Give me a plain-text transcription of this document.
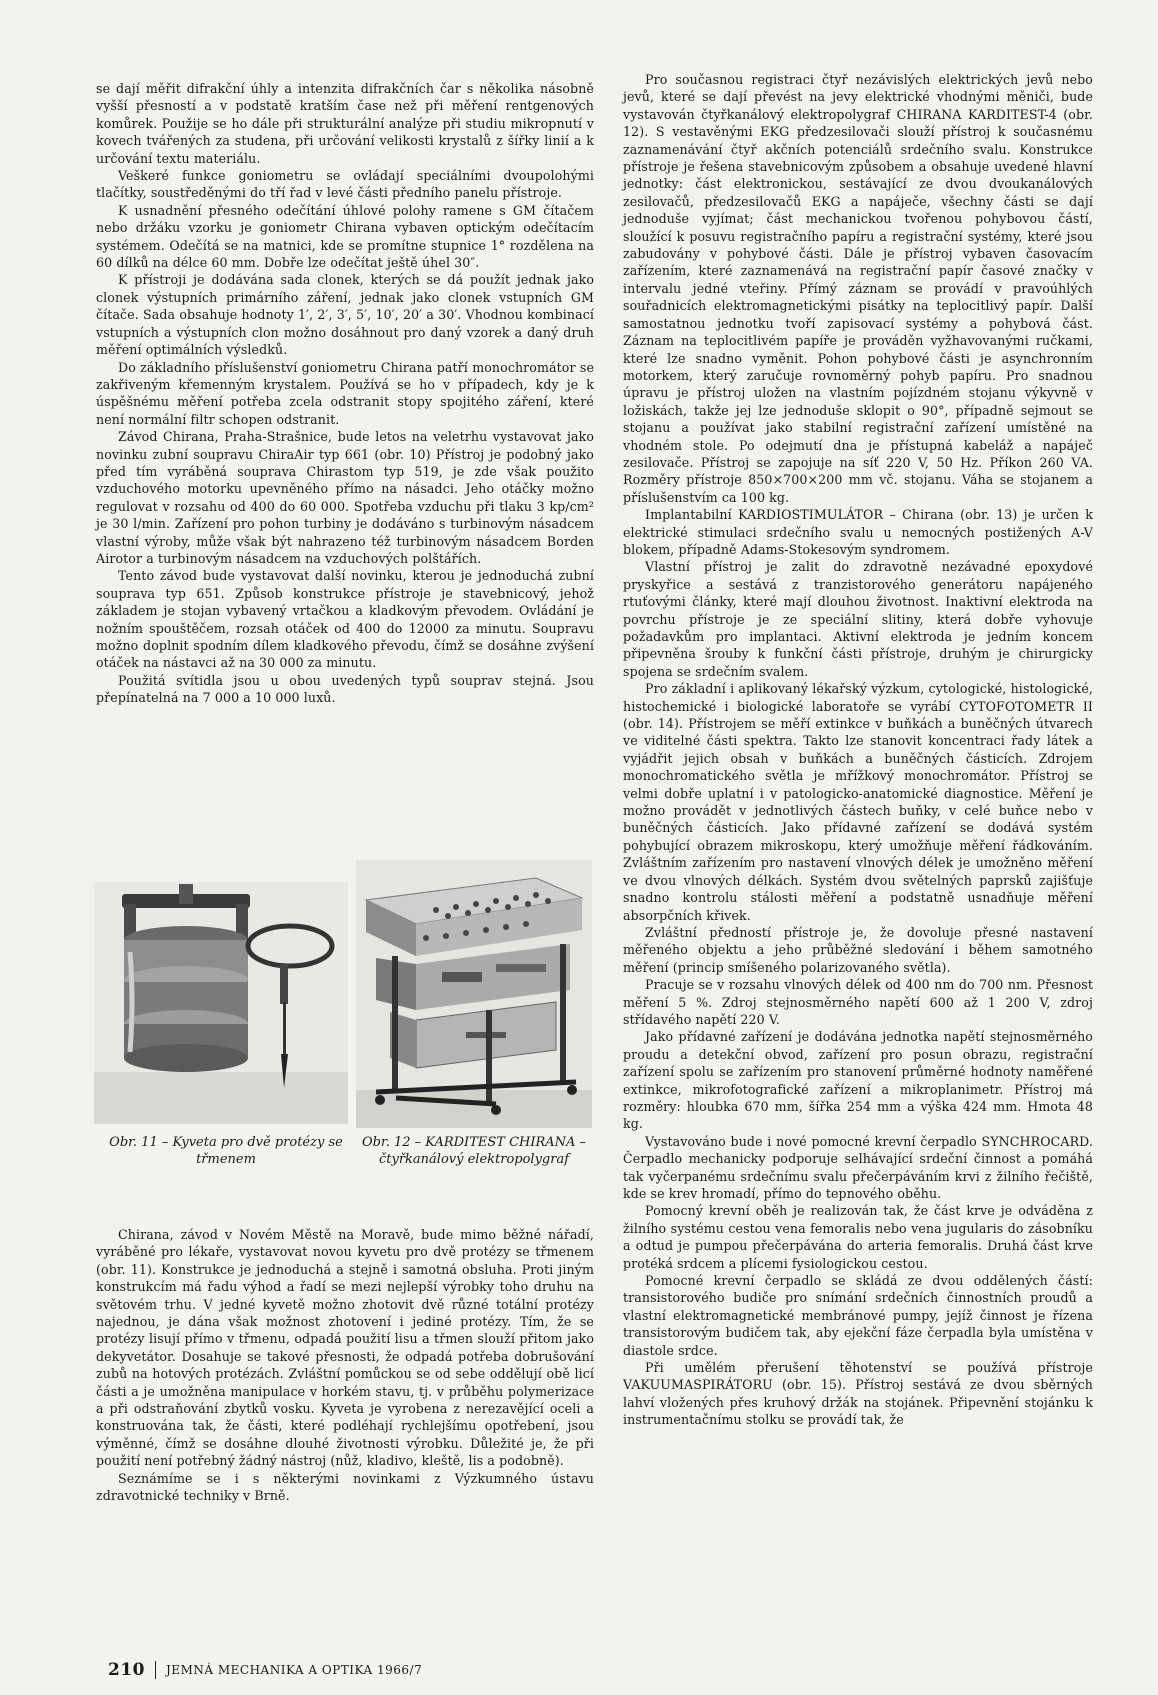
se dají měřit difrakční úhly a intenzita difrakčních čar s několika násobně vyšší přesností a v podstatě kratším čase než při měření rentgenových komůrek. Použije se ho dále při strukturální analýze při studiu mikropnutí v kovech tvářených za studena, při určování velikosti krystalů z šířky linií a k určování textu materiálu.

Veškeré funkce goniometru se ovládají speciálními dvoupolohými tlačítky, soustředěnými do tří řad v levé části předního panelu přístroje.

K usnadnění přesného odečítání úhlové polohy ramene s GM čítačem nebo držáku vzorku je goniometr Chirana vybaven optickým odečítacím systémem. Odečítá se na matnici, kde se promítne stupnice 1° rozdělena na 60 dílků na délce 60 mm. Dobře lze odečítat ještě úhel 30″.

K přístroji je dodávána sada clonek, kterých se dá použít jednak jako clonek výstupních primárního záření, jednak jako clonek vstupních GM čítače. Sada obsahuje hodnoty 1′, 2′, 3′, 5′, 10′, 20′ a 30′. Vhodnou kombinací vstupních a výstupních clon možno dosáhnout pro daný vzorek a daný druh měření optimálních výsledků.

Do základního příslušenství goniometru Chirana patří monochromátor se zakřiveným křemenným krystalem. Používá se ho v případech, kdy je k úspěšnému měření potřeba zcela odstranit stopy spojitého záření, které není normální filtr schopen odstranit.

Závod Chirana, Praha-Strašnice, bude letos na veletrhu vystavovat jako novinku zubní soupravu ChiraAir typ 661 (obr. 10) Přístroj je podobný jako před tím vyráběná souprava Chirastom typ 519, je zde však použito vzduchového motorku upevněného přímo na násadci. Jeho otáčky možno regulovat v rozsahu od 400 do 60 000. Spotřeba vzduchu při tlaku 3 kp/cm² je 30 l/min. Zařízení pro pohon turbiny je dodáváno s turbinovým násadcem vlastní výroby, může však být nahrazeno též turbinovým násadcem Borden Airotor a turbinovým násadcem na vzduchových polštářích.

Tento závod bude vystavovat další novinku, kterou je jednoduchá zubní souprava typ 651. Způsob konstrukce přístroje je stavebnicový, jehož základem je stojan vybavený vrtačkou a kladkovým převodem. Ovládání je nožním spouštěčem, rozsah otáček od 400 do 12000 za minutu. Soupravu možno doplnit spodním dílem kladkového převodu, čímž se dosáhne zvýšení otáček na nástavci až na 30 000 za minutu.

Použitá svítidla jsou u obou uvedených typů souprav stejná. Jsou přepínatelná na 7 000 a 10 000 luxů.

Obr. 11 – Kyveta pro dvě protézy se třmenem
Obr. 12 – KARDITEST CHIRANA – čtyřkanálový elektropolygraf

Chirana, závod v Novém Městě na Moravě, bude mimo běžné nářadí, vyráběné pro lékaře, vystavovat novou kyvetu pro dvě protézy se třmenem (obr. 11). Konstrukce je jednoduchá a stejně i samotná obsluha. Proti jiným konstrukcím má řadu výhod a řadí se mezi nejlepší výrobky toho druhu na světovém trhu. V jedné kyvetě možno zhotovit dvě různé totální protézy najednou, je dána však možnost zhotovení i jediné protézy. Tím, že se protézy lisují přímo v třmenu, odpadá použití lisu a třmen slouží přitom jako dekyvetátor. Dosahuje se takové přesnosti, že odpadá potřeba dobrušování zubů na hotových protézách. Zvláštní pomůckou se od sebe oddělují obě licí části a je umožněna manipulace v horkém stavu, tj. v průběhu polymerizace a při odstraňování zbytků vosku. Kyveta je vyrobena z nerezavějící oceli a konstruována tak, že části, které podléhají rychlejšímu opotřebení, jsou výměnné, čímž se dosáhne dlouhé životnosti výrobku. Důležité je, že při použití není potřebný žádný nástroj (nůž, kladivo, kleště, lis a podobně).

Seznámíme se i s některými novinkami z Výzkumného ústavu zdravotnické techniky v Brně.

Pro současnou registraci čtyř nezávislých elektrických jevů nebo jevů, které se dají převést na jevy elektrické vhodnými měniči, bude vystavován čtyřkanálový elektropolygraf CHIRANA KARDITEST-4 (obr. 12). S vestavěnými EKG předzesilovači slouží přístroj k současnému zaznamenávání čtyř akčních potenciálů srdečního svalu. Konstrukce přístroje je řešena stavebnicovým způsobem a obsahuje uvedené hlavní jednotky: část elektronickou, sestávající ze dvou dvoukanálových zesilovačů, předzesilovačů EKG a napáječe, všechny části se dají jednoduše vyjímat; část mechanickou tvořenou pohybovou částí, sloužící k posuvu registračního papíru a registrační systémy, které jsou zabudovány v pohybové části. Dále je přístroj vybaven časovacím zařízením, které zaznamenává na registrační papír časové značky v intervalu jedné vteřiny. Přímý záznam se provádí v pravoúhlých souřadnicích elektromagnetickými pisátky na teplocitlivý papír. Další samostatnou jednotku tvoří zapisovací systémy a pohybová část. Záznam na teplocitlivém papíře je prováděn vyžhavovanými ručkami, které lze snadno vyměnit. Pohon pohybové části je asynchronním motorkem, který zaručuje rovnoměrný pohyb papíru. Pro snadnou úpravu je přístroj uložen na vlastním pojízdném stojanu výkyvně v ložiskách, takže jej lze jednoduše sklopit o 90°, případně sejmout se stojanu a používat jako stabilní registrační zařízení umístěné na vhodném stole. Po odejmutí dna je přístupná kabeláž a napáječ zesilovače. Přístroj se zapojuje na síť 220 V, 50 Hz. Příkon 260 VA. Rozměry přístroje 850×700×200 mm vč. stojanu. Váha se stojanem a příslušenstvím ca 100 kg.

Implantabilní KARDIOSTIMULÁTOR – Chirana (obr. 13) je určen k elektrické stimulaci srdečního svalu u nemocných postižených A-V blokem, případně Adams-Stokesovým syndromem.

Vlastní přístroj je zalit do zdravotně nezávadné epoxydové pryskyřice a sestává z tranzistorového generátoru napájeného rtuťovými články, které mají dlouhou životnost. Inaktivní elektroda na povrchu přístroje je ze speciální slitiny, která dobře vyhovuje požadavkům pro implantaci. Aktivní elektroda je jedním koncem připevněna šrouby k funkční části přístroje, druhým je chirurgicky spojena se srdečním svalem.

Pro základní i aplikovaný lékařský výzkum, cytologické, histologické, histochemické i biologické laboratoře se vyrábí CYTOFOTOMETR II (obr. 14). Přístrojem se měří extinkce v buňkách a buněčných útvarech ve viditelné části spektra. Takto lze stanovit koncentraci řady látek a vyjádřit jejich obsah v buňkách a buněčných částicích. Zdrojem monochromatického světla je mřížkový monochromátor. Přístroj se velmi dobře uplatní i v patologicko-anatomické diagnostice. Měření je možno provádět v jednotlivých částech buňky, v celé buňce nebo v buněčných částicích. Jako přídavné zařízení se dodává systém pohybující obrazem mikroskopu, který umožňuje měření řádkováním. Zvláštním zařízením pro nastavení vlnových délek je umožněno měření ve dvou vlnových délkách. Systém dvou světelných paprsků zajišťuje snadno kontrolu stálosti měření a podstatně usnadňuje měření absorpčních křivek.

Zvláštní předností přístroje je, že dovoluje přesné nastavení měřeného objektu a jeho průběžné sledování i během samotného měření (princip smíšeného polarizovaného světla).

Pracuje se v rozsahu vlnových délek od 400 nm do 700 nm. Přesnost měření 5 %. Zdroj stejnosměrného napětí 600 až 1 200 V, zdroj střídavého napětí 220 V.

Jako přídavné zařízení je dodávána jednotka napětí stejnosměrného proudu a detekční obvod, zařízení pro posun obrazu, registrační zařízení spolu se zařízením pro stanovení průměrné hodnoty naměřené extinkce, mikrofotografické zařízení a mikroplanimetr. Přístroj má rozměry: hloubka 670 mm, šířka 254 mm a výška 424 mm. Hmota 48 kg.

Vystavováno bude i nové pomocné krevní čerpadlo SYNCHROCARD. Čerpadlo mechanicky podporuje selhávající srdeční činnost a pomáhá tak vyčerpanému srdečnímu svalu přečerpáváním krvi z žilního řečiště, kde se krev hromadí, přímo do tepnového oběhu.

Pomocný krevní oběh je realizován tak, že část krve je odváděna z žilního systému cestou vena femoralis nebo vena jugularis do zásobníku a odtud je pumpou přečerpávána do arteria femoralis. Druhá část krve protéká srdcem a plícemi fysiologickou cestou.

Pomocné krevní čerpadlo se skládá ze dvou oddělených částí: transistorového budiče pro snímání srdečních činnostních proudů a vlastní elektromagnetické membránové pumpy, jejíž činnost je řízena transistorovým budičem tak, aby ejekční fáze čerpadla byla umístěna v diastole srdce.

Při umělém přerušení těhotenství se používá přístroje VAKUUMASPIRÁTORU (obr. 15). Přístroj sestává ze dvou sběrných lahví vložených přes kruhový držák na stojánek. Připevnění stojánku k instrumentačnímu stolku se provádí tak, že

210 JEMNÁ MECHANIKA A OPTIKA 1966/7
